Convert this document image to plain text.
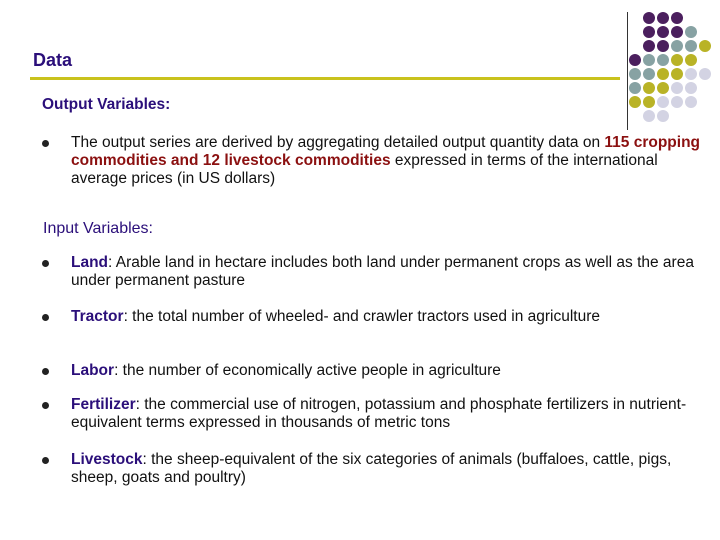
Data
Output Variables:
The output series are derived by aggregating detailed output quantity data on 115 cropping commodities and 12 livestock commodities expressed in terms of the international average prices (in US dollars)
Input Variables:
Land: Arable land in hectare includes both land under permanent crops as well as the area under permanent pasture
Tractor: the total number of wheeled- and crawler tractors used in agriculture
Labor: the number of economically active people in agriculture
Fertilizer: the commercial use of nitrogen, potassium and phosphate fertilizers in nutrient-equivalent terms expressed in thousands of metric tons
Livestock: the sheep-equivalent of the six categories of animals (buffaloes, cattle, pigs, sheep, goats and poultry)
